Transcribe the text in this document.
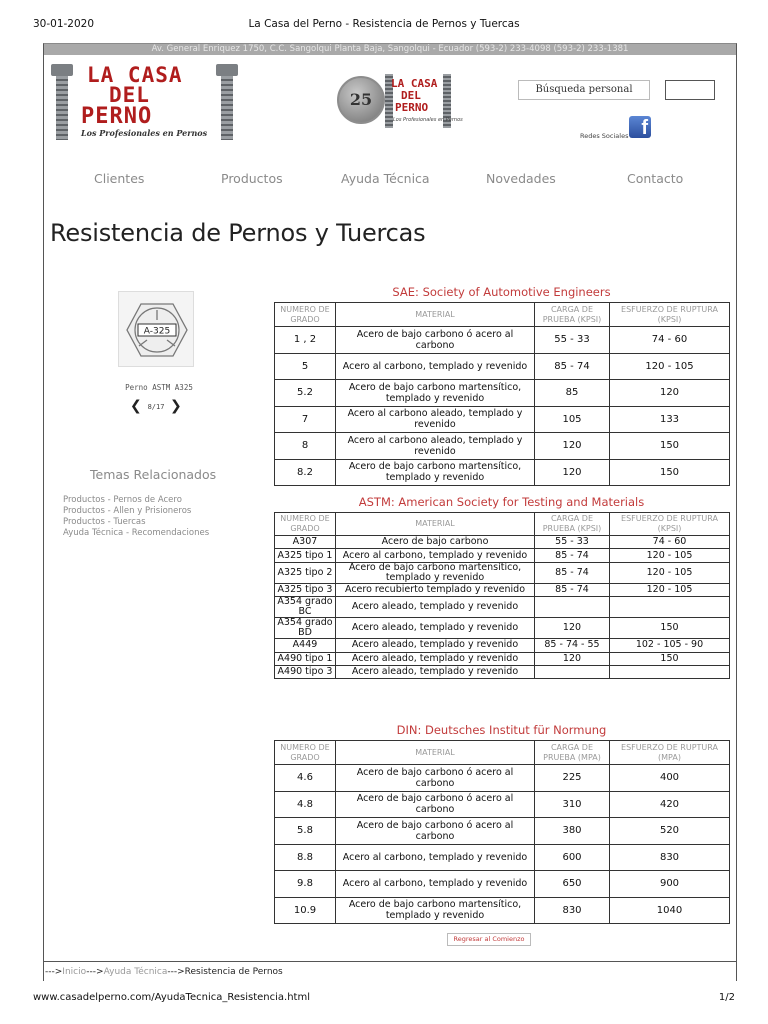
30-01-2020	La Casa del Perno - Resistencia de Pernos y Tuercas
Av. General Enriquez 1750, C.C. Sangolqui Planta Baja, Sangolqui - Ecuador (593-2) 233-4098 (593-2) 233-1381
LA CASA
DEL
PERNO
Los Profesionales en Pernos
25
LA CASA
DEL
PERNO
Los Profesionales en Pernos
Búsqueda personal
Redes Sociales f
Clientes	Productos	Ayuda Técnica	Novedades	Contacto
Resistencia de Pernos y Tuercas
A-325
Perno ASTM A325
❮ 8/17 ❯
Temas Relacionados
Productos - Pernos de Acero
Productos - Allen y Prisioneros
Productos - Tuercas
Ayuda Técnica - Recomendaciones
SAE: Society of Automotive Engineers
NUMERO DE GRADO	MATERIAL	CARGA DE PRUEBA (KPSI)	ESFUERZO DE RUPTURA (KPSI)
1 , 2	Acero de bajo carbono ó acero al carbono	55 - 33	74 - 60
5	Acero al carbono, templado y revenido	85 - 74	120 - 105
5.2	Acero de bajo carbono martensítico, templado y revenido	85	120
7	Acero al carbono aleado, templado y revenido	105	133
8	Acero al carbono aleado, templado y revenido	120	150
8.2	Acero de bajo carbono martensítico, templado y revenido	120	150
ASTM: American Society for Testing and Materials
NUMERO DE GRADO	MATERIAL	CARGA DE PRUEBA (KPSI)	ESFUERZO DE RUPTURA (KPSI)
A307	Acero de bajo carbono	55 - 33	74 - 60
A325 tipo 1	Acero al carbono, templado y revenido	85 - 74	120 - 105
A325 tipo 2	Acero de bajo carbono martensítico, templado y revenido	85 - 74	120 - 105
A325 tipo 3	Acero recubierto templado y revenido	85 - 74	120 - 105
A354 grado BC	Acero aleado, templado y revenido		
A354 grado BD	Acero aleado, templado y revenido	120	150
A449	Acero aleado, templado y revenido	85 - 74 - 55	102 - 105 - 90
A490 tipo 1	Acero aleado, templado y revenido	120	150
A490 tipo 3	Acero aleado, templado y revenido		
DIN: Deutsches Institut für Normung
NUMERO DE GRADO	MATERIAL	CARGA DE PRUEBA (MPA)	ESFUERZO DE RUPTURA (MPA)
4.6	Acero de bajo carbono ó acero al carbono	225	400
4.8	Acero de bajo carbono ó acero al carbono	310	420
5.8	Acero de bajo carbono ó acero al carbono	380	520
8.8	Acero al carbono, templado y revenido	600	830
9.8	Acero al carbono, templado y revenido	650	900
10.9	Acero de bajo carbono martensítico, templado y revenido	830	1040
Regresar al Comienzo
--->Inicio--->Ayuda Técnica--->Resistencia de Pernos
www.casadelperno.com/AyudaTecnica_Resistencia.html	1/2
